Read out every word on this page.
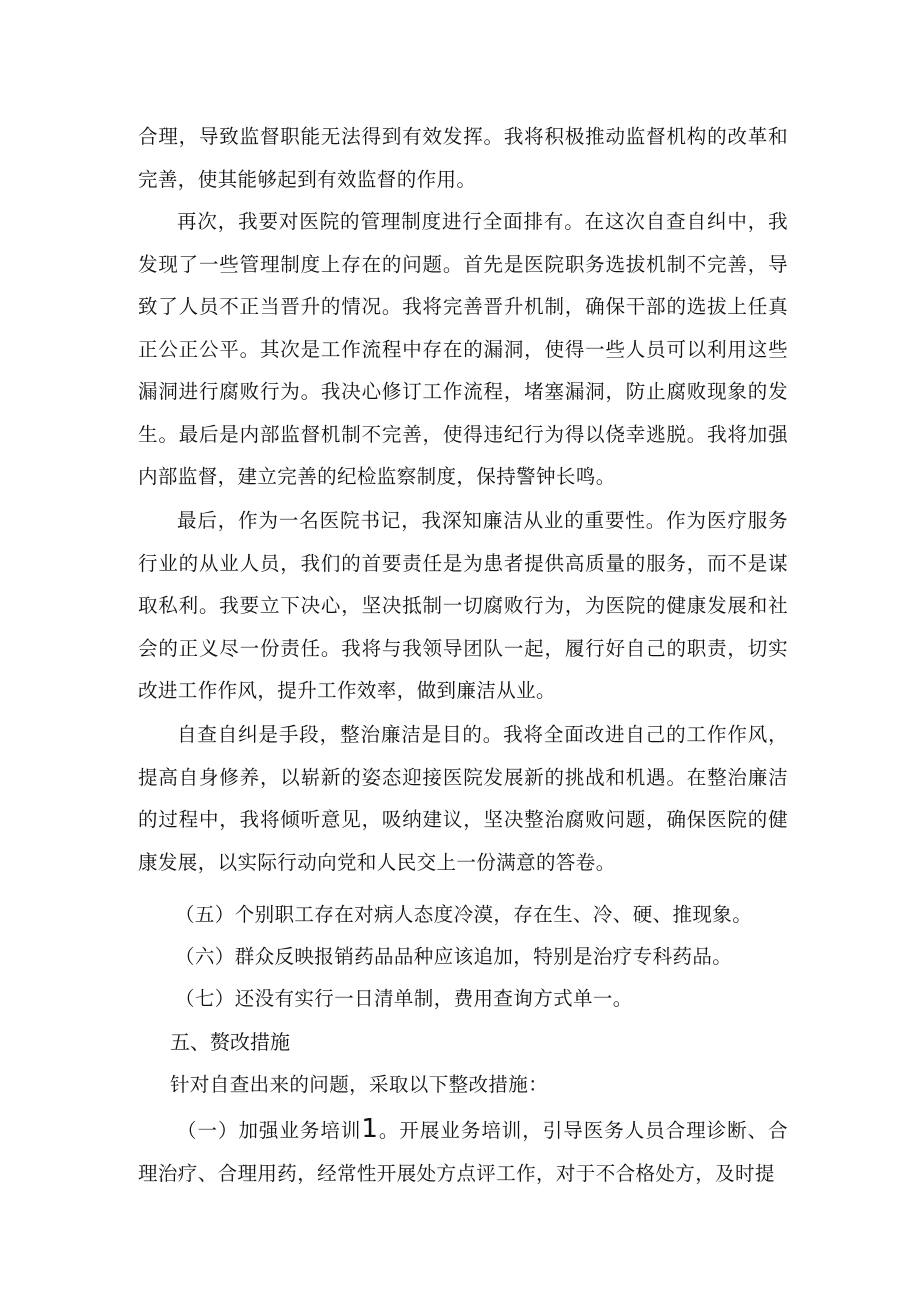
合理，导致监督职能无法得到有效发挥。我将积极推动监督机构的改革和完善，使其能够起到有效监督的作用。

再次，我要对医院的管理制度进行全面排有。在这次自查自纠中，我发现了一些管理制度上存在的问题。首先是医院职务选拔机制不完善，导致了人员不正当晋升的情况。我将完善晋升机制，确保干部的选拔上任真正公正公平。其次是工作流程中存在的漏洞，使得一些人员可以利用这些漏洞进行腐败行为。我决心修订工作流程，堵塞漏洞，防止腐败现象的发生。最后是内部监督机制不完善，使得违纪行为得以侥幸逃脱。我将加强内部监督，建立完善的纪检监察制度，保持警钟长鸣。

最后，作为一名医院书记，我深知廉洁从业的重要性。作为医疗服务行业的从业人员，我们的首要责任是为患者提供高质量的服务，而不是谋取私利。我要立下决心，坚决抵制一切腐败行为，为医院的健康发展和社会的正义尽一份责任。我将与我领导团队一起，履行好自己的职责，切实改进工作作风，提升工作效率，做到廉洁从业。

自查自纠是手段，整治廉洁是目的。我将全面改进自己的工作作风，提高自身修养，以崭新的姿态迎接医院发展新的挑战和机遇。在整治廉洁的过程中，我将倾听意见，吸纳建议，坚决整治腐败问题，确保医院的健康发展，以实际行动向党和人民交上一份满意的答卷。

（五）个别职工存在对病人态度冷漠，存在生、冷、硬、推现象。

（六）群众反映报销药品品种应该追加，特别是治疗专科药品。

（七）还没有实行一日清单制，费用查询方式单一。

五、赘改措施

针对自查出来的问题，采取以下整改措施：

（一）加强业务培训1。开展业务培训，引导医务人员合理诊断、合理治疗、合理用药，经常性开展处方点评工作，对于不合格处方，及时提
